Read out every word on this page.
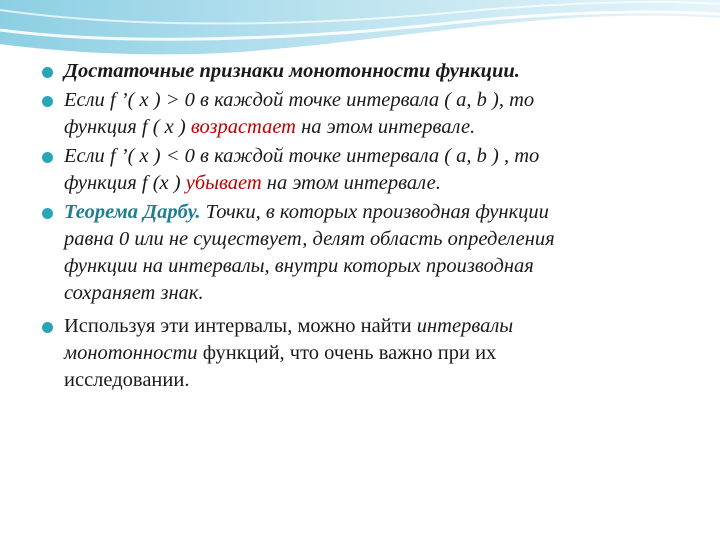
Достаточные признаки монотонности функции.
Если f ’( x ) > 0 в каждой точке интервала ( a, b ), то
функция f ( x ) возрастает на этом интервале.
Если f ’( x ) < 0 в каждой точке интервала ( a, b ) , то
функция f (x ) убывает на этом интервале.
Теорема Дарбу. Точки, в которых производная функции
равна 0 или не существует, делят область определения
функции на интервалы, внутри которых производная
сохраняет знак.
Используя эти интервалы, можно найти интервалы
монотонности функций, что очень важно при их
исследовании.
